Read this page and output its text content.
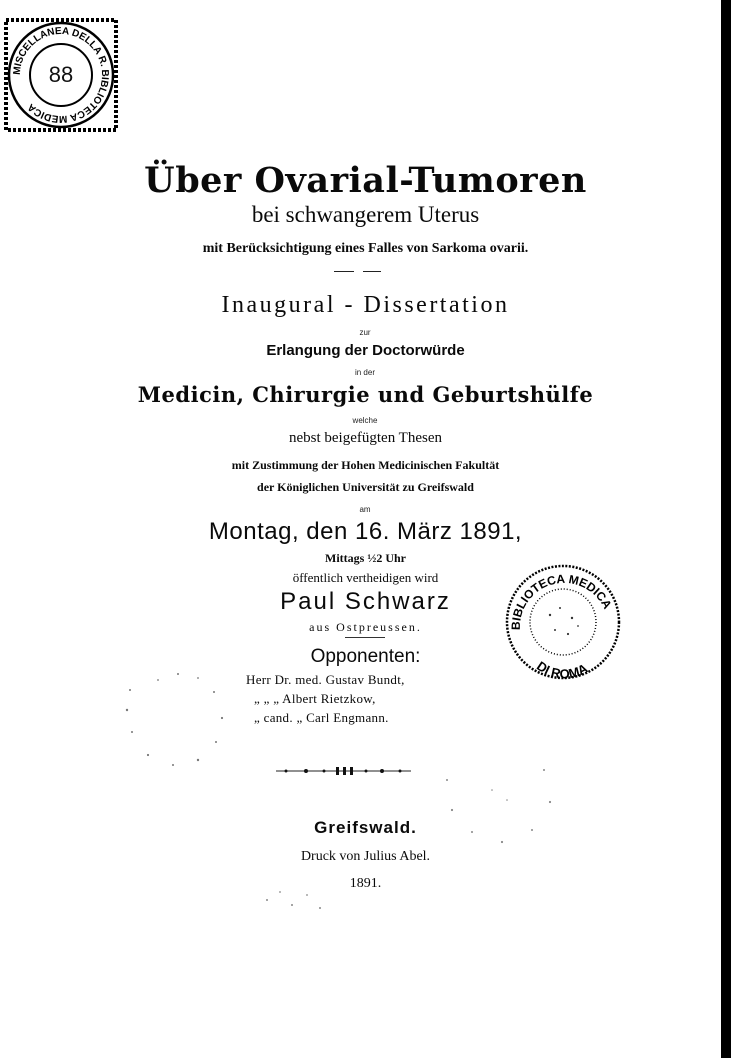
MISCELLANEA DELLA R. BIBLIOTECA MEDICA
88
BIBLIOTECA MEDICA
DI ROMA
Über Ovarial-Tumoren
bei schwangerem Uterus
mit Berücksichtigung eines Falles von Sarkoma ovarii.
Inaugural - Dissertation
zur
Erlangung der Doctorwürde
in der
Medicin, Chirurgie und Geburtshülfe
welche
nebst beigefügten Thesen
mit Zustimmung der Hohen Medicinischen Fakultät
der Königlichen Universität zu Greifswald
am
Montag, den 16. März 1891,
Mittags ½2 Uhr
öffentlich vertheidigen wird
Paul Schwarz
aus Ostpreussen.
Opponenten:
Herr Dr. med. Gustav Bundt,
„ „ „ Albert Rietzkow,
„ cand. „ Carl Engmann.
Greifswald.
Druck von Julius Abel.
1891.
